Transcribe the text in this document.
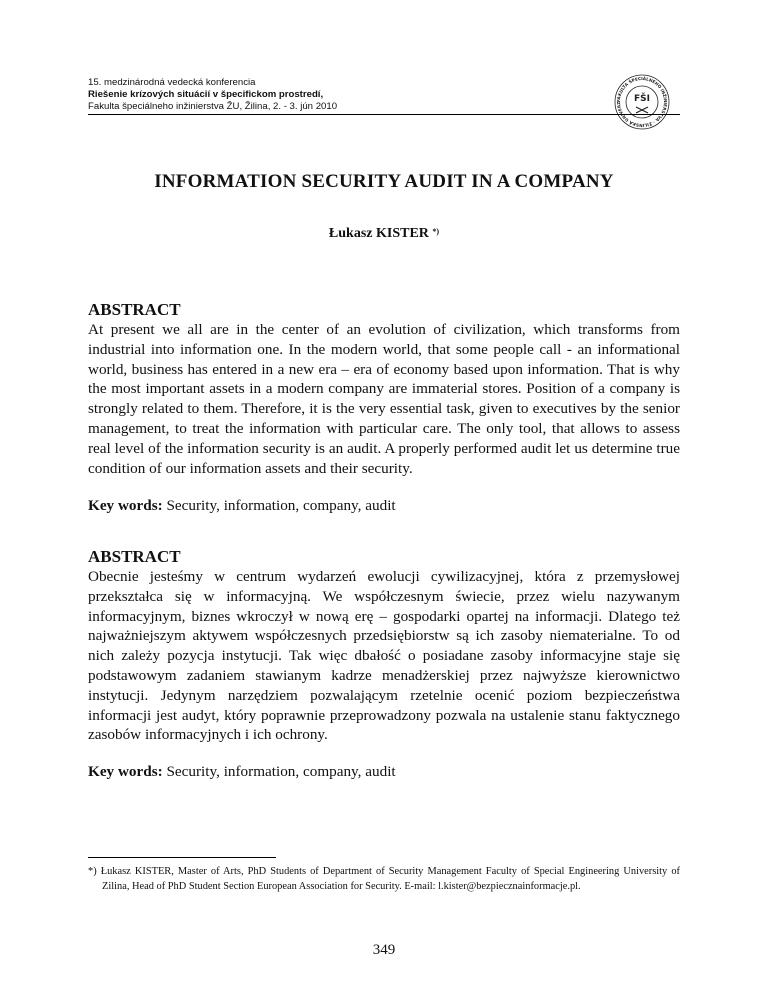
15. medzinárodná vedecká konferencia
Riešenie krízových situácií v špecifickom prostredí,
Fakulta špeciálneho inžinierstva ŽU, Žilina, 2. - 3. jún 2010
FAKULTA ŠPECIÁLNEHO INŽINIERSTVA · ŽILINSKÁ UNIVERZ	FŠI
INFORMATION SECURITY AUDIT IN A COMPANY
Łukasz KISTER *)
ABSTRACT
At present we all are in the center of an evolution of civilization, which transforms from industrial into information one. In the modern world, that some people call - an informational world, business has entered in a new era – era of economy based upon information. That is why the most important assets in a modern company are immaterial stores. Position of a company is strongly related to them. Therefore, it is the very essential task, given to executives by the senior management, to treat the information with particular care. The only tool, that allows to assess real level of the information security is an audit. A properly performed audit let us determine true condition of our information assets and their security.
Key words: Security, information, company, audit
ABSTRACT
Obecnie jesteśmy w centrum wydarzeń ewolucji cywilizacyjnej, która z przemysłowej przekształca się w informacyjną. We współczesnym świecie, przez wielu nazywanym informacyjnym, biznes wkroczył w nową erę – gospodarki opartej na informacji. Dlatego też najważniejszym aktywem współczesnych przedsiębiorstw są ich zasoby niematerialne. To od nich zależy pozycja instytucji. Tak więc dbałość o posiadane zasoby informacyjne staje się podstawowym zadaniem stawianym kadrze menadżerskiej przez najwyższe kierownictwo instytucji. Jedynym narzędziem pozwalającym rzetelnie ocenić poziom bezpieczeństwa informacji jest audyt, który poprawnie przeprowadzony pozwala na ustalenie stanu faktycznego zasobów informacyjnych i ich ochrony.
Key words: Security, information, company, audit
*) Łukasz KISTER, Master of Arts, PhD Students of Department of Security Management Faculty of Special Engineering University of Zilina, Head of PhD Student Section European Association for Security. E-mail: l.kister@bezpiecznainformacje.pl.
349
